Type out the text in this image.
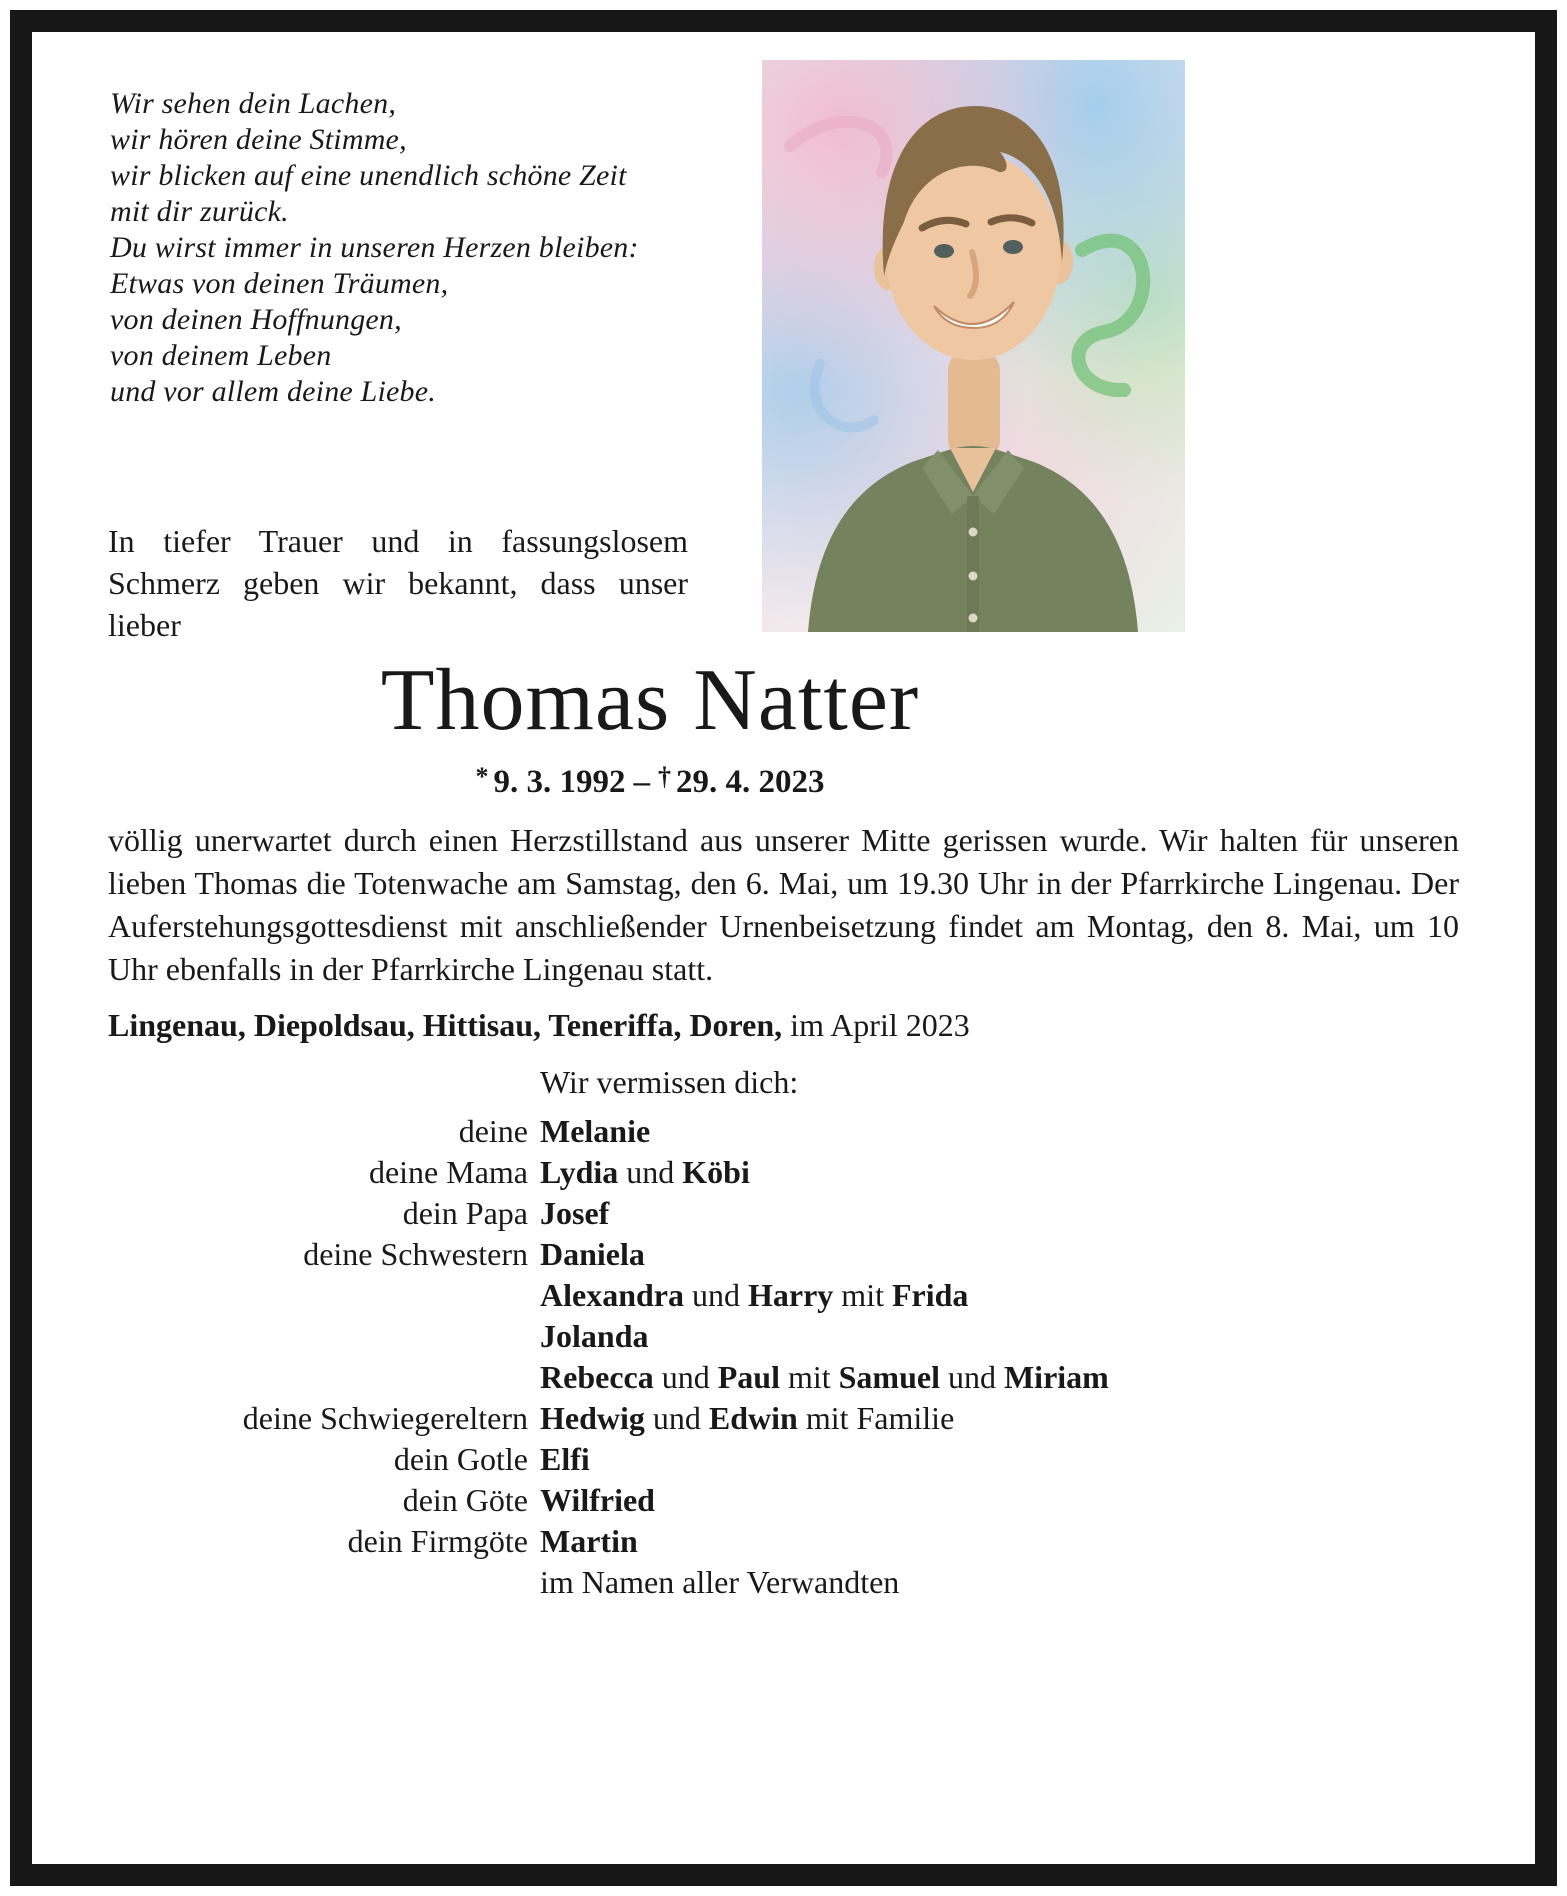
Wir sehen dein Lachen,
wir hören deine Stimme,
wir blicken auf eine unendlich schöne Zeit
mit dir zurück.
Du wirst immer in unseren Herzen bleiben:
Etwas von deinen Träumen,
von deinen Hoffnungen,
von deinem Leben
und vor allem deine Liebe.

In tiefer Trauer und in fassungslosem Schmerz geben wir bekannt, dass unser lieber

Thomas Natter
* 9. 3. 1992 – † 29. 4. 2023

völlig unerwartet durch einen Herzstillstand aus unserer Mitte gerissen wurde. Wir halten für unseren lieben Thomas die Totenwache am Samstag, den 6. Mai, um 19.30 Uhr in der Pfarrkirche Lingenau. Der Auferstehungsgottesdienst mit anschließender Urnenbeisetzung findet am Montag, den 8. Mai, um 10 Uhr ebenfalls in der Pfarrkirche Lingenau statt.

Lingenau, Diepoldsau, Hittisau, Teneriffa, Doren, im April 2023

Wir vermissen dich:
deine Melanie
deine Mama Lydia und Köbi
dein Papa Josef
deine Schwestern Daniela
Alexandra und Harry mit Frida
Jolanda
Rebecca und Paul mit Samuel und Miriam
deine Schwiegereltern Hedwig und Edwin mit Familie
dein Gotle Elfi
dein Göte Wilfried
dein Firmgöte Martin
im Namen aller Verwandten
